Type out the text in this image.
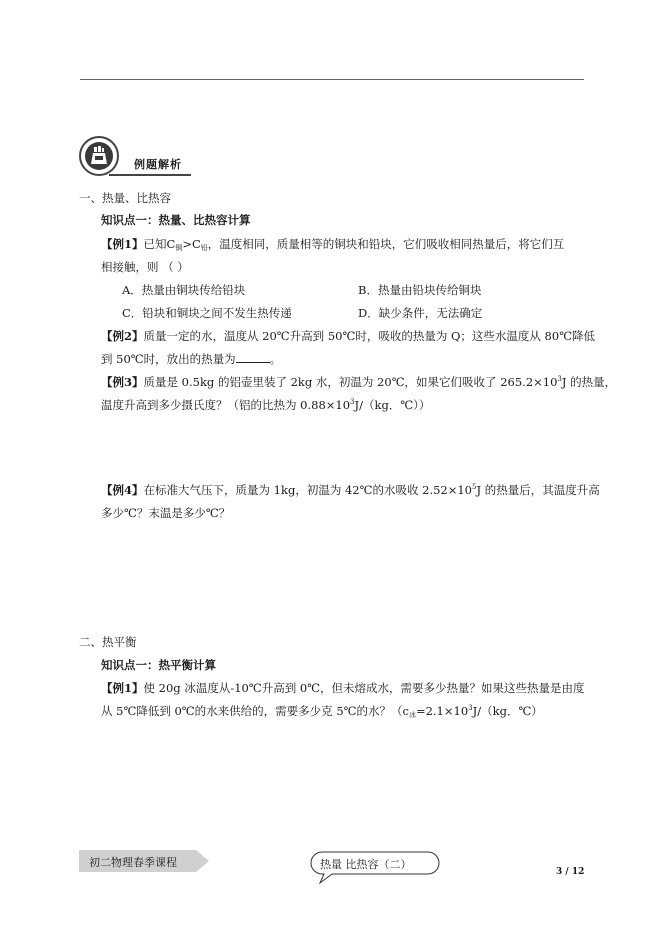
例题解析
一、热量、比热容
知识点一：热量、比热容计算
【例1】已知$C_铜>C_铅$，温度相同，质量相等的铜块和铅块，它们吸收相同热量后，将它们互
相接触，则 （ ）
A．热量由铜块传给铅块	B．热量由铅块传给铜块
C．铅块和铜块之间不发生热传递	D．缺少条件，无法确定
【例2】质量一定的水，温度从 20℃升高到 50℃时，吸收的热量为 Q；这些水温度从 80℃降低
到 50℃时，放出的热量为	。
【例3】质量是 0.5kg 的铝壶里装了 2kg 水，初温为 20℃，如果它们吸收了 $265.2\times 10^3J$ 的热量，
温度升高到多少摄氏度？（铝的比热为 $0.88\times 10^3J/(kg$．℃））
【例4】在标准大气压下，质量为 1kg，初温为 42℃的水吸收 $2.52\times 10^5J$ 的热量后，其温度升高
多少℃？末温是多少℃？
二、热平衡
知识点一：热平衡计算
【例1】使 20g 冰温度从-10℃升高到 0℃，但未熔成水，需要多少热量？如果这些热量是由度
从 5℃降低到 0℃的水来供给的，需要多少克 5℃的水？（$c_冰=2.1\times 10^3J/(kg$．℃）
初二物理春季课程	热量 比热容（二）
3 / 12
